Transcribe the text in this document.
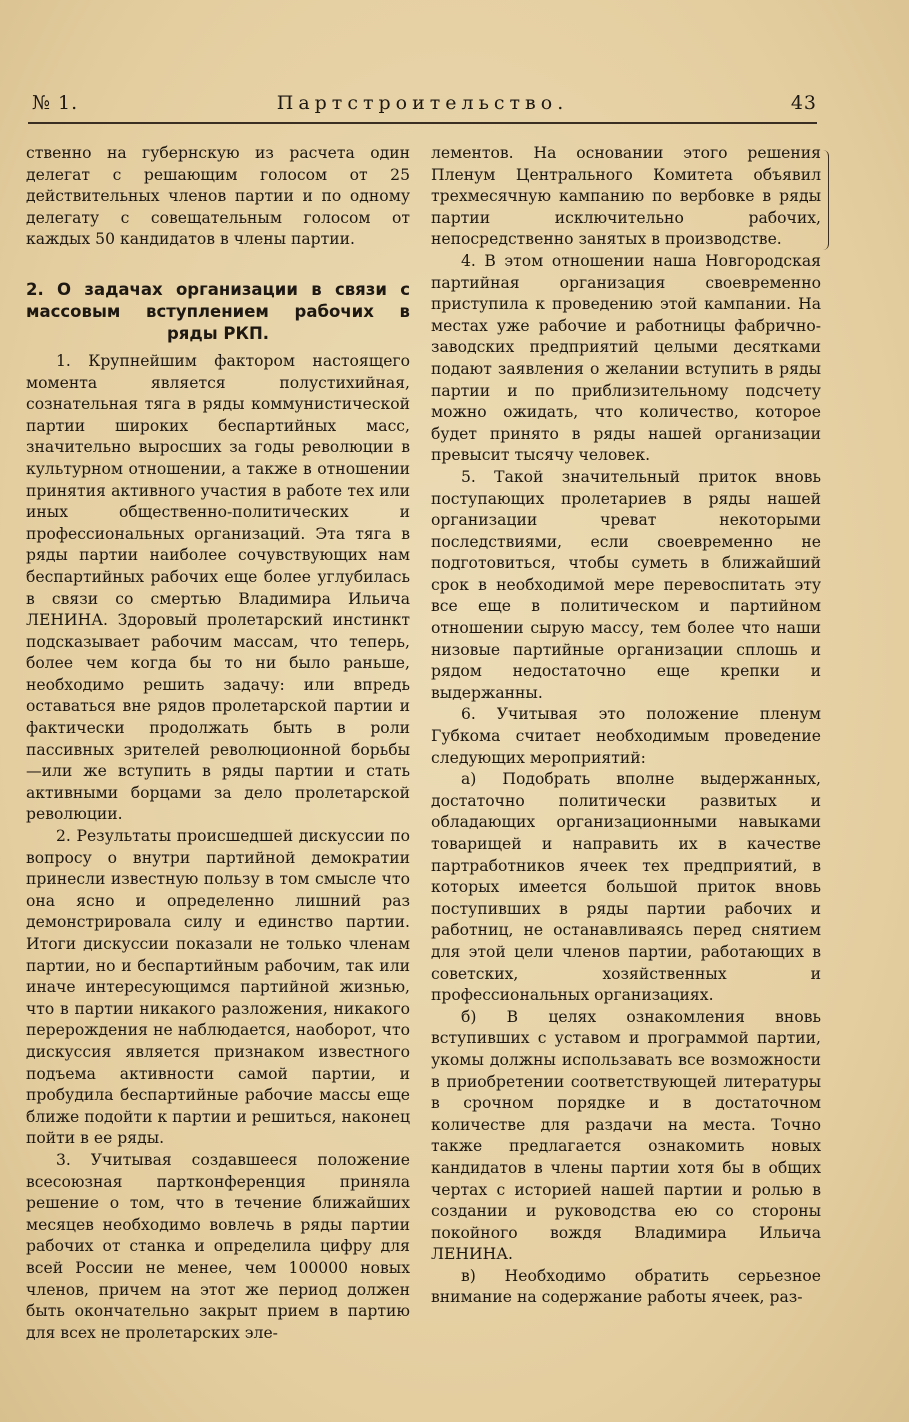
№ 1.	Партстроительство.	43

ственно на губернскую из расчета один делегат с решающим голосом от 25 действительных членов партии и по одному делегату с совещательным голосом от каждых 50 кандидатов в члены партии.

2. О задачах организации в связи с
массовым вступлением рабочих в
ряды РКП.

1. Крупнейшим фактором настоящего момента является полустихийная, сознательная тяга в ряды коммунистической партии широких беспартийных масс, значительно выросших за годы революции в культурном отношении, а также в отношении принятия активного участия в работе тех или иных общественно-политических и профессиональных организаций. Эта тяга в ряды партии наиболее сочувствующих нам беспартийных рабочих еще более углубилась в связи со смертью Владимира Ильича ЛЕНИНА. Здоровый пролетарский инстинкт подсказывает рабочим массам, что теперь, более чем когда бы то ни было раньше, необходимо решить задачу: или впредь оставаться вне рядов пролетарской партии и фактически продолжать быть в роли пассивных зрителей революционной борьбы—или же вступить в ряды партии и стать активными борцами за дело пролетарской революции.

2. Результаты происшедшей дискуссии по вопросу о внутри партийной демократии принесли известную пользу в том смысле что она ясно и определенно лишний раз демонстрировала силу и единство партии. Итоги дискуссии показали не только членам партии, но и беспартийным рабочим, так или иначе интересующимся партийной жизнью, что в партии никакого разложения, никакого перерождения не наблюдается, наоборот, что дискуссия является признаком известного подъема активности самой партии, и пробудила беспартийные рабочие массы еще ближе подойти к партии и решиться, наконец пойти в ее ряды.

3. Учитывая создавшееся положение всесоюзная партконференция приняла решение о том, что в течение ближайших месяцев необходимо вовлечь в ряды партии рабочих от станка и определила цифру для всей России не менее, чем 100000 новых членов, причем на этот же период должен быть окончательно закрыт прием в партию для всех не пролетарских эле-

лементов. На основании этого решения Пленум Центрального Комитета объявил трехмесячную кампанию по вербовке в ряды партии исключительно рабочих, непосредственно занятых в производстве.

4. В этом отношении наша Новгородская партийная организация своевременно приступила к проведению этой кампании. На местах уже рабочие и работницы фабрично-заводских предприятий целыми десятками подают заявления о желании вступить в ряды партии и по приблизительному подсчету можно ожидать, что количество, которое будет принято в ряды нашей организации превысит тысячу человек.

5. Такой значительный приток вновь поступающих пролетариев в ряды нашей организации чреват некоторыми последствиями, если своевременно не подготовиться, чтобы суметь в ближайший срок в необходимой мере перевоспитать эту все еще в политическом и партийном отношении сырую массу, тем более что наши низовые партийные организации сплошь и рядом недостаточно еще крепки и выдержанны.

6. Учитывая это положение пленум Губкома считает необходимым проведение следующих мероприятий:

а) Подобрать вполне выдержанных, достаточно политически развитых и обладающих организационными навыками товарищей и направить их в качестве партработников ячеек тех предприятий, в которых имеется большой приток вновь поступивших в ряды партии рабочих и работниц, не останавливаясь перед снятием для этой цели членов партии, работающих в советских, хозяйственных и профессиональных организациях.

б) В целях ознакомления вновь вступивших с уставом и программой партии, укомы должны использавать все возможности в приобретении соответствующей литературы в срочном порядке и в достаточном количестве для раздачи на места. Точно также предлагается ознакомить новых кандидатов в члены партии хотя бы в общих чертах с историей нашей партии и ролью в создании и руководства ею со стороны покойного вождя Владимира Ильича ЛЕНИНА.

в) Необходимо обратить серьезное внимание на содержание работы ячеек, раз-
